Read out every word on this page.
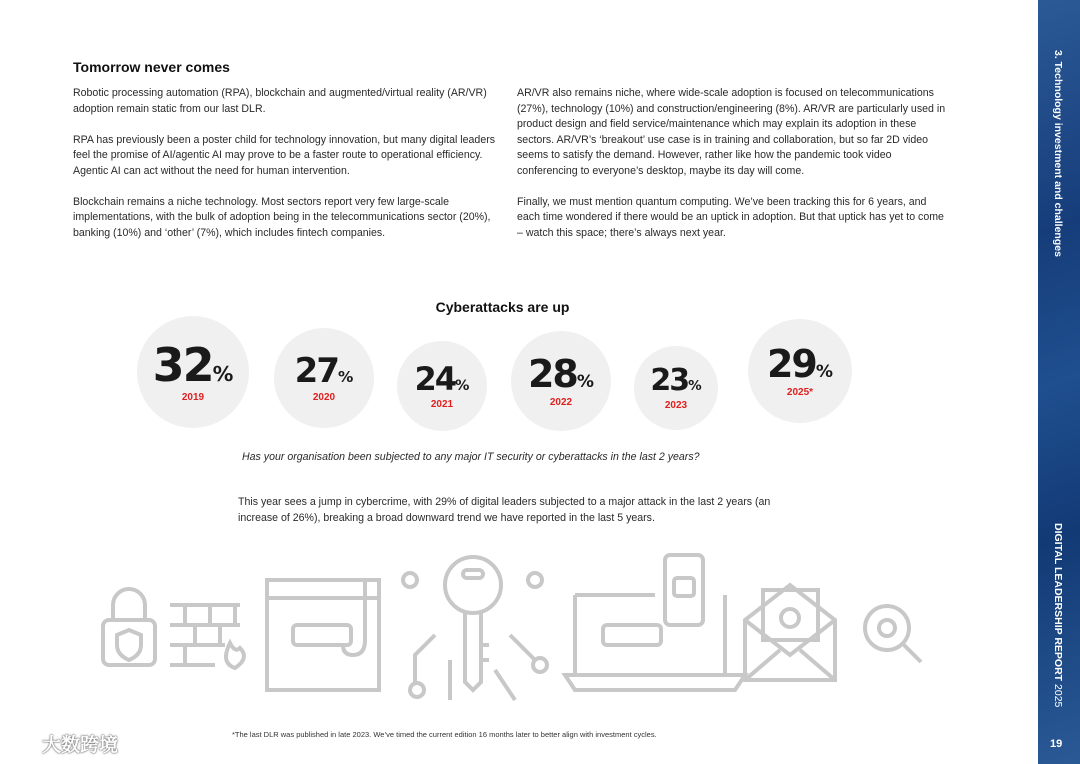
Tomorrow never comes

Robotic processing automation (RPA), blockchain and augmented/virtual reality (AR/VR) adoption remain static from our last DLR.

RPA has previously been a poster child for technology innovation, but many digital leaders feel the promise of AI/agentic AI may prove to be a faster route to operational efficiency. Agentic AI can act without the need for human intervention.

Blockchain remains a niche technology. Most sectors report very few large-scale implementations, with the bulk of adoption being in the telecommunications sector (20%), banking (10%) and ‘other’ (7%), which includes fintech companies.

AR/VR also remains niche, where wide-scale adoption is focused on telecommunications (27%), technology (10%) and construction/engineering (8%). AR/VR are particularly used in product design and field service/maintenance which may explain its adoption in these sectors. AR/VR’s ‘breakout’ use case is in training and collaboration, but so far 2D video seems to satisfy the demand. However, rather like how the pandemic took video conferencing to everyone’s desktop, maybe its day will come.

Finally, we must mention quantum computing. We’ve been tracking this for 6 years, and each time wondered if there would be an uptick in adoption. But that uptick has yet to come – watch this space; there’s always next year.

Cyberattacks are up
32%
2019
27%
2020 24%
2021
28%
2022
23%
2023
29%
2025*
Has your organisation been subjected to any major IT security or cyberattacks in the last 2 years?
This year sees a jump in cybercrime, with 29% of digital leaders subjected to a major attack in the last 2 years (an increase of 26%), breaking a broad downward trend we have reported in the last 5 years.
*The last DLR was published in late 2023. We’ve timed the current edition 16 months later to better align with investment cycles.
大数跨境
3. Technology investment and challenges
DIGITAL LEADERSHIP REPORT 2025
19
